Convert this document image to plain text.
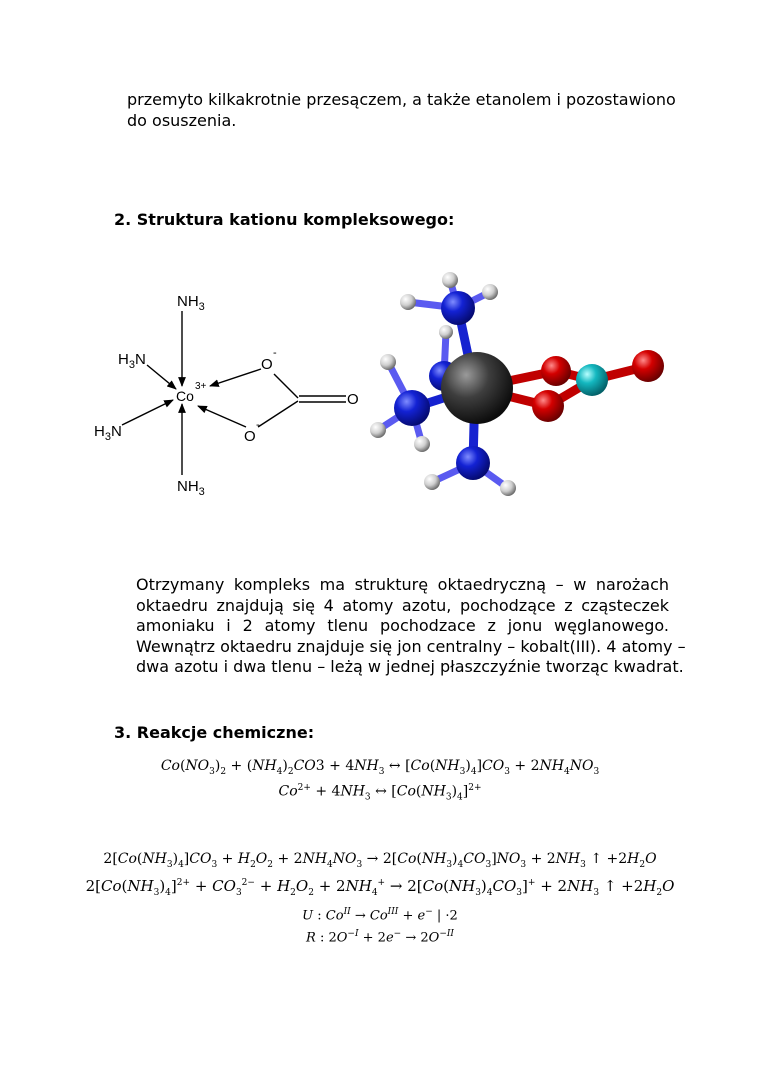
przemyto kilkakrotnie przesączem, a także etanolem i pozostawiono
do osuszenia.
2. Struktura kationu kompleksowego:
$NH_3$
$H_3N$
$H_3N$
$NH_3$
Co
3+
O
-
O
-
O
Otrzymany kompleks ma strukturę oktaedryczną – w narożach
oktaedru znajdują się 4 atomy azotu, pochodzące z cząsteczek
amoniaku i 2 atomy tlenu pochodzace z jonu węglanowego.
Wewnątrz oktaedru znajduje się jon centralny – kobalt(III). 4 atomy –
dwa azotu i dwa tlenu – leżą w jednej płaszczyźnie tworząc kwadrat.
3. Reakcje chemiczne:
$Co(NO_3)_2 + (NH_4)_2CO3 + 4NH_3$ ↔ $[Co(NH_3)_4]CO_3 + 2NH_4NO_3$
$Co^{2+} + 4NH_3$ ↔ $[Co(NH_3)_4]^{2+}$
$2[Co(NH_3)_4]CO_3 + H_2O_2 + 2NH_4NO_3 \to 2[Co(NH_3)_4CO_3]NO_3 + 2NH_3$ ↑ $+2H_2O$
$2[Co(NH_3)_4]^{2+} + CO_3^{2-} + H_2O_2 + 2NH_4^+ \to 2[Co(NH_3)_4CO_3]^+ + 2NH_3$ ↑ $+2H_2O$
U : $Co^{II} \to Co^{III} + e^-$ | ·2
R : $2O^{-I} + 2e^- \to 2O^{-II}$
